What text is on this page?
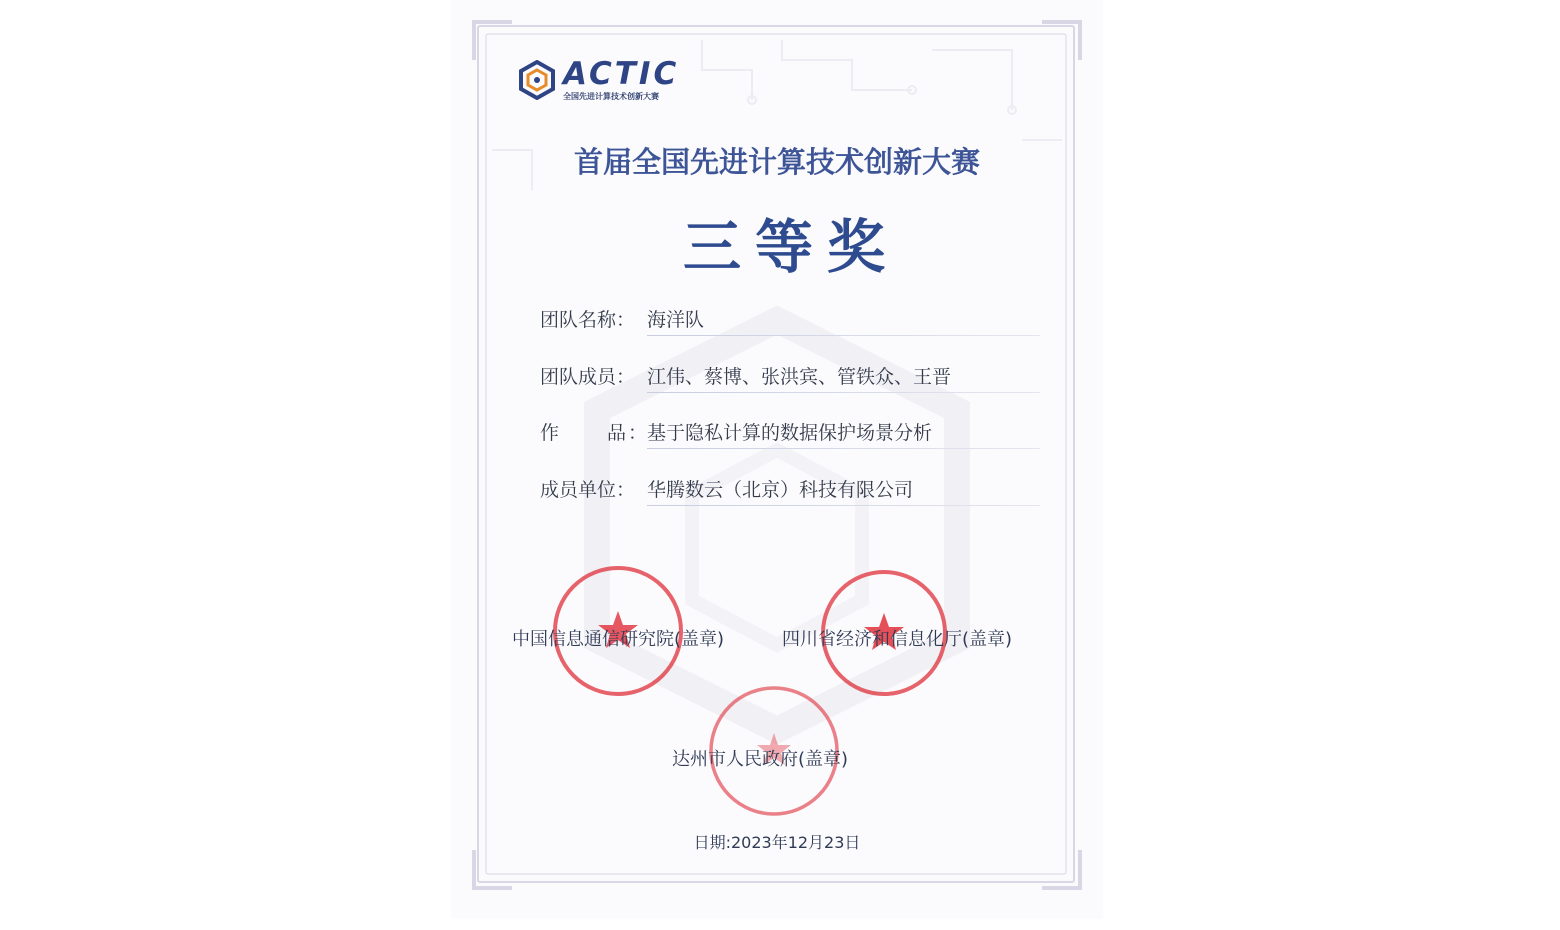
ACTIC
全国先进计算技术创新大赛
首届全国先进计算技术创新大赛
三等奖
团队名称： 海洋队
团队成员： 江伟、蔡博、张洪宾、管铁众、王晋
作	品 ： 基于隐私计算的数据保护场景分析
成员单位： 华腾数云（北京）科技有限公司
中国信息通信研究院(盖章)	四川省经济和信息化厅(盖章)
达州市人民政府(盖章)
日期:2023年12月23日
